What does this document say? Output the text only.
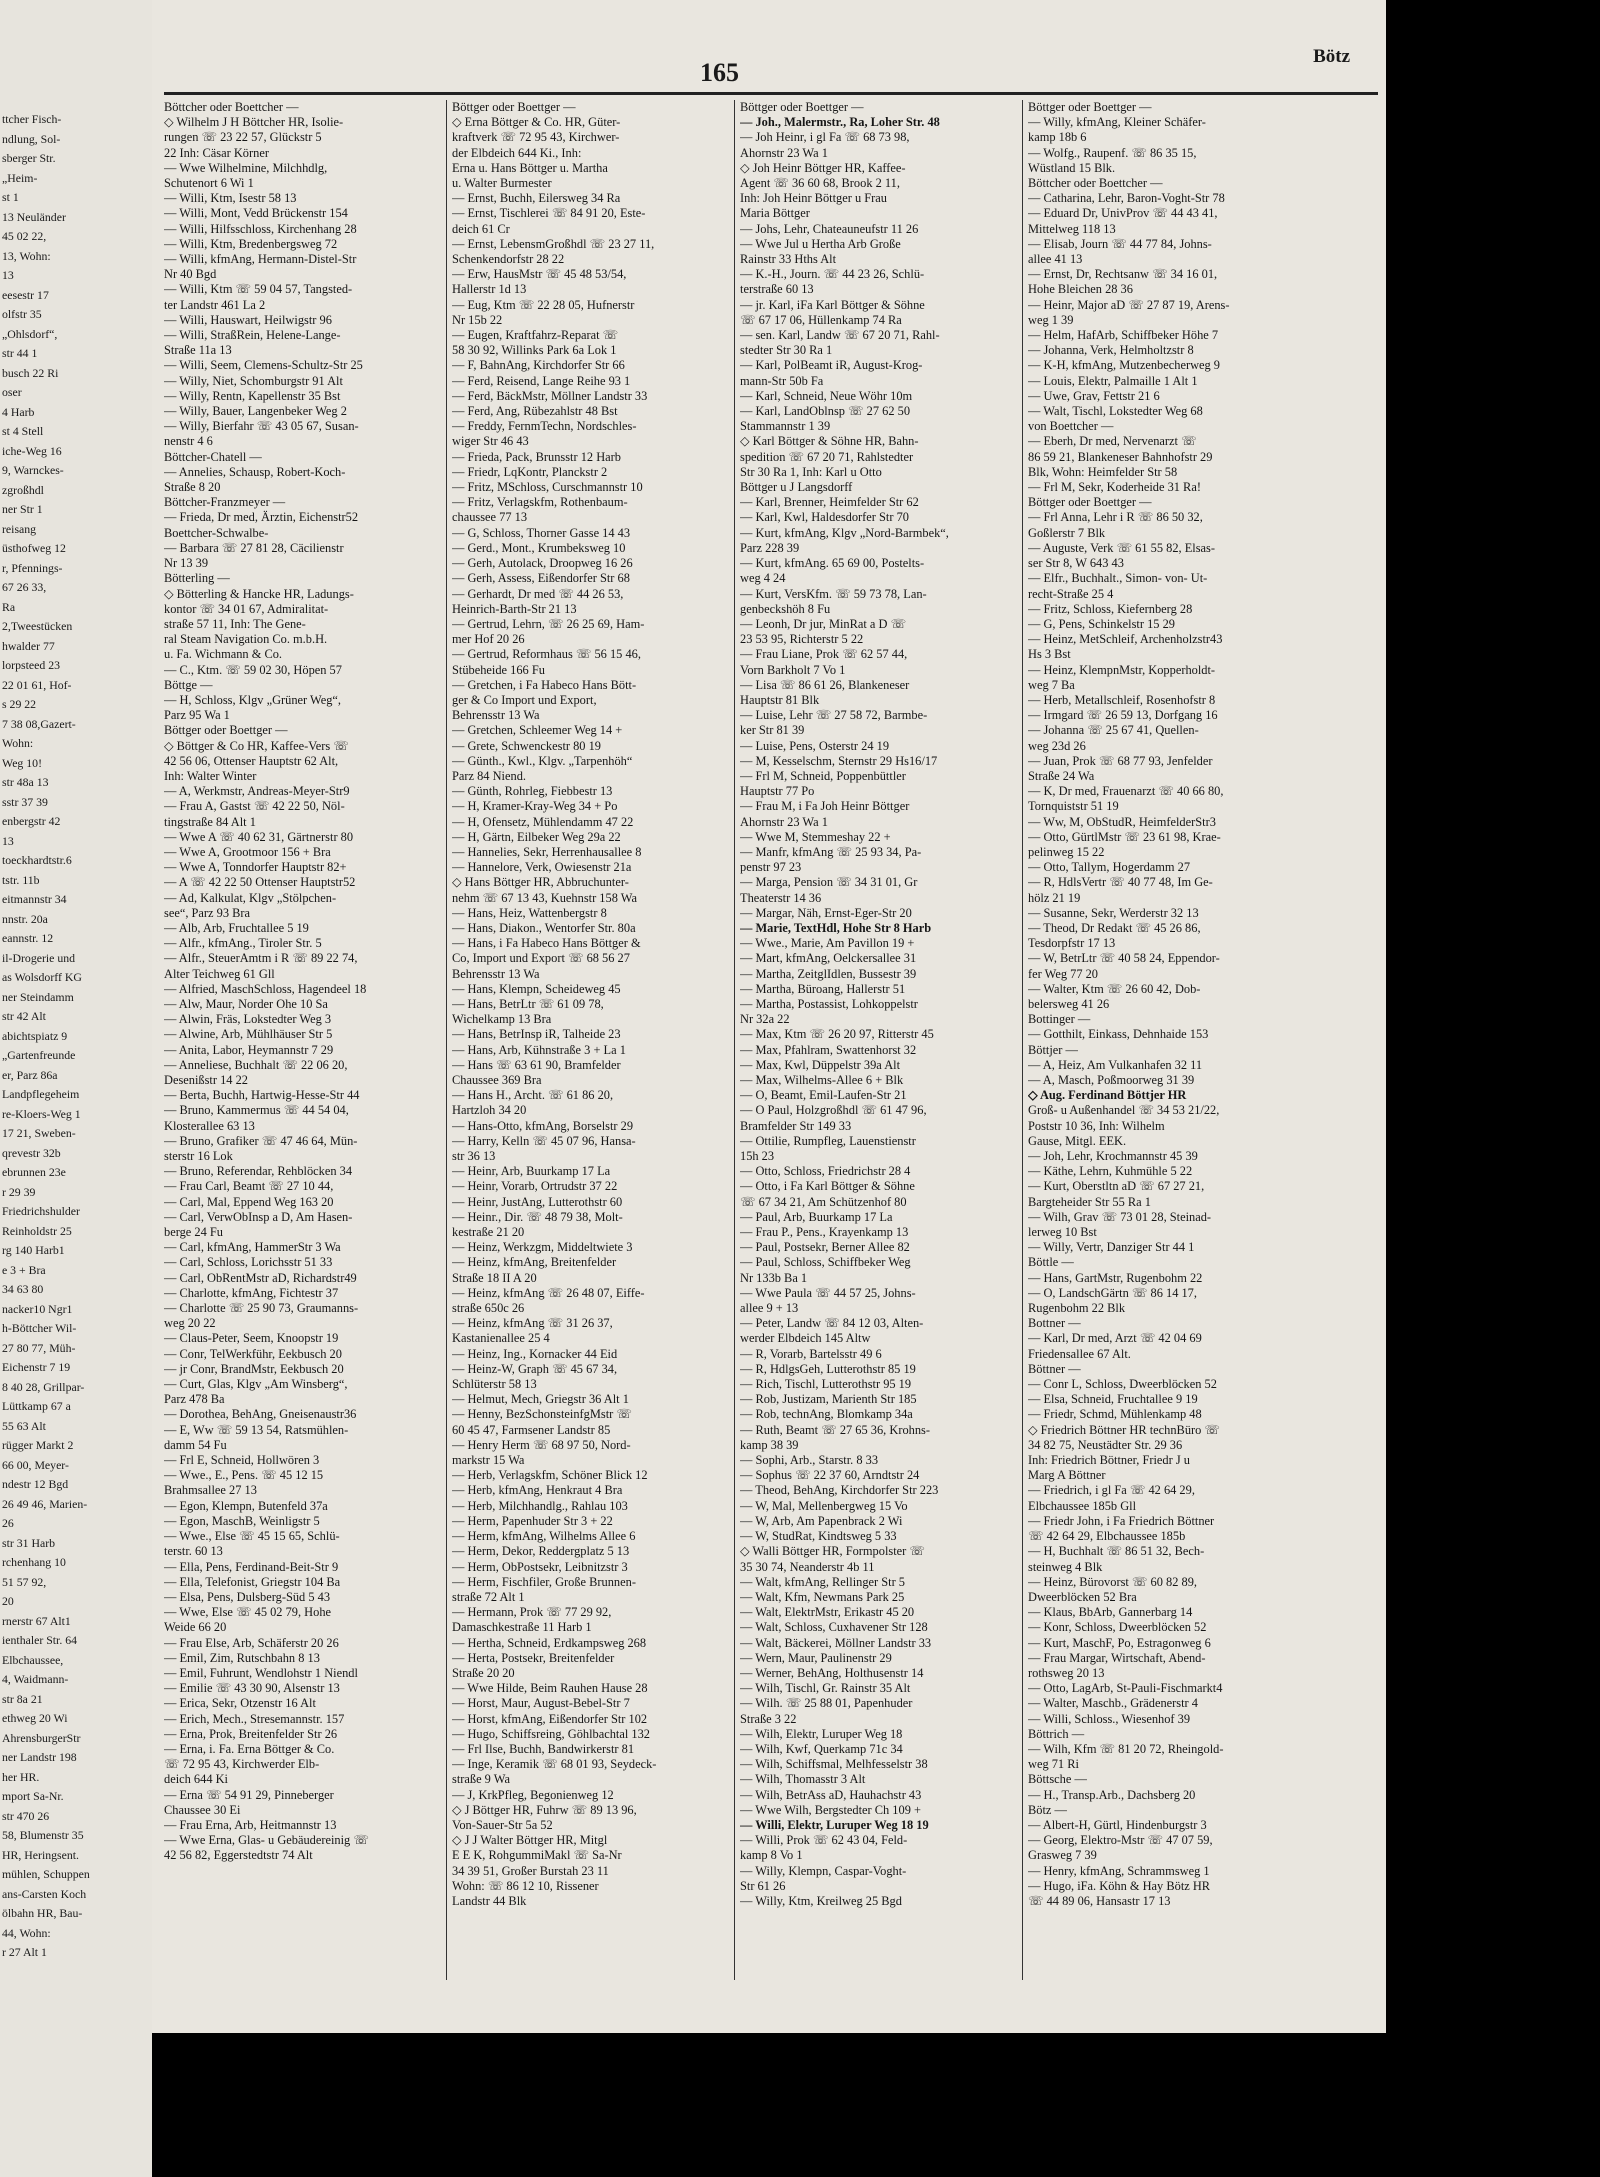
ttcher Fisch-
ndlung, Sol-
sberger Str.
„Heim-
st 1
13 Neuländer
45 02 22,
13, Wohn:
13
eesestr 17
olfstr 35
„Ohlsdorf“,
str 44 1
busch 22 Ri
oser
4 Harb
st 4 Stell
iche-Weg 16
9, Warnckes-
zgroßhdl
ner Str 1
reisang
üsthofweg 12
r, Pfennings-
67 26 33,
Ra
2,Tweestücken
hwalder 77
lorpsteed 23
22 01 61, Hof-
s 29 22
7 38 08,Gazert-
Wohn:
Weg 10!
str 48a 13
sstr 37 39
enbergstr 42
13
toeckhardtstr.6
tstr. 11b
eitmannstr 34
nnstr. 20a
eannstr. 12
il-Drogerie und
as Wolsdorff KG
ner Steindamm
str 42 Alt
abichtspiatz 9
„Gartenfreunde
er, Parz 86a
Landpflegeheim
re-Kloers-Weg 1
17 21, Sweben-
qrevestr 32b
ebrunnen 23e
r 29 39
Friedrichshulder
Reinholdstr 25
rg 140 Harb1
e 3 + Bra
34 63 80
nacker10 Ngr1
h-Böttcher Wil-
27 80 77, Müh-
Eichenstr 7 19
8 40 28, Grillpar-
Lüttkamp 67 a
55 63 Alt
rügger Markt 2
66 00, Meyer-
ndestr 12 Bgd
26 49 46, Marien-
26
str 31 Harb
rchenhang 10
51 57 92,
20
rnerstr 67 Alt1
ienthaler Str. 64
Elbchaussee,
4, Waidmann-
str 8a 21
ethweg 20 Wi
AhrensburgerStr
ner Landstr 198
her HR.
mport Sa-Nr.
str 470 26
58, Blumenstr 35
HR, Heringsent.
mühlen, Schuppen
ans-Carsten Koch
ölbahn HR, Bau-
44, Wohn:
r 27 Alt 1
165
Bötz
Böttcher oder Boettcher —
◇ Wilhelm J H Böttcher HR, Isolie-
rungen ☏ 23 22 57, Glückstr 5
22 Inh: Cäsar Körner
— Wwe Wilhelmine, Milchhdlg,
Schutenort 6 Wi 1
— Willi, Ktm, Isestr 58 13
— Willi, Mont, Vedd Brückenstr 154
— Willi, Hilfsschloss, Kirchenhang 28
— Willi, Ktm, Bredenbergsweg 72
— Willi, kfmAng, Hermann-Distel-Str
Nr 40 Bgd
— Willi, Ktm ☏ 59 04 57, Tangsted-
ter Landstr 461 La 2
— Willi, Hauswart, Heilwigstr 96
— Willi, StraßRein, Helene-Lange-
Straße 11a 13
— Willi, Seem, Clemens-Schultz-Str 25
— Willy, Niet, Schomburgstr 91 Alt
— Willy, Rentn, Kapellenstr 35 Bst
— Willy, Bauer, Langenbeker Weg 2
— Willy, Bierfahr ☏ 43 05 67, Susan-
nenstr 4 6
Böttcher-Chatell —
— Annelies, Schausp, Robert-Koch-
Straße 8 20
Böttcher-Franzmeyer —
— Frieda, Dr med, Ärztin, Eichenstr52
Boettcher-Schwalbe-
— Barbara ☏ 27 81 28, Cäcilienstr
Nr 13 39
Bötterling —
◇ Bötterling & Hancke HR, Ladungs-
kontor ☏ 34 01 67, Admiralitat-
straße 57 11, Inh: The Gene-
ral Steam Navigation Co. m.b.H.
u. Fa. Wichmann & Co.
— C., Ktm. ☏ 59 02 30, Höpen 57
Böttge —
— H, Schloss, Klgv „Grüner Weg“,
Parz 95 Wa 1
Böttger oder Boettger —
◇ Böttger & Co HR, Kaffee-Vers ☏
42 56 06, Ottenser Hauptstr 62 Alt,
Inh: Walter Winter
— A, Werkmstr, Andreas-Meyer-Str9
— Frau A, Gastst ☏ 42 22 50, Nöl-
tingstraße 84 Alt 1
— Wwe A ☏ 40 62 31, Gärtnerstr 80
— Wwe A, Grootmoor 156 + Bra
— Wwe A, Tonndorfer Hauptstr 82+
— A ☏ 42 22 50 Ottenser Hauptstr52
— Ad, Kalkulat, Klgv „Stölpchen-
see“, Parz 93 Bra
— Alb, Arb, Fruchtallee 5 19
— Alfr., kfmAng., Tiroler Str. 5
— Alfr., SteuerAmtm i R ☏ 89 22 74,
Alter Teichweg 61 Gll
— Alfried, MaschSchloss, Hagendeel 18
— Alw, Maur, Norder Ohe 10 Sa
— Alwin, Fräs, Lokstedter Weg 3
— Alwine, Arb, Mühlhäuser Str 5
— Anita, Labor, Heymannstr 7 29
— Anneliese, Buchhalt ☏ 22 06 20,
Desenißstr 14 22
— Berta, Buchh, Hartwig-Hesse-Str 44
— Bruno, Kammermus ☏ 44 54 04,
Klosterallee 63 13
— Bruno, Grafiker ☏ 47 46 64, Mün-
sterstr 16 Lok
— Bruno, Referendar, Rehblöcken 34
— Frau Carl, Beamt ☏ 27 10 44,
— Carl, Mal, Eppend Weg 163 20
— Carl, VerwObInsp a D, Am Hasen-
berge 24 Fu
— Carl, kfmAng, HammerStr 3 Wa
— Carl, Schloss, Lorichsstr 51 33
— Carl, ObRentMstr aD, Richardstr49
— Charlotte, kfmAng, Fichtestr 37
— Charlotte ☏ 25 90 73, Graumanns-
weg 20 22
— Claus-Peter, Seem, Knoopstr 19
— Conr, TelWerkführ, Eekbusch 20
— jr Conr, BrandMstr, Eekbusch 20
— Curt, Glas, Klgv „Am Winsberg“,
Parz 478 Ba
— Dorothea, BehAng, Gneisenaustr36
— E, Ww ☏ 59 13 54, Ratsmühlen-
damm 54 Fu
— Frl E, Schneid, Hollwören 3
— Wwe., E., Pens. ☏ 45 12 15
Brahmsallee 27 13
— Egon, Klempn, Butenfeld 37a
— Egon, MaschB, Weinligstr 5
— Wwe., Else ☏ 45 15 65, Schlü-
terstr. 60 13
— Ella, Pens, Ferdinand-Beit-Str 9
— Ella, Telefonist, Griegstr 104 Ba
— Elsa, Pens, Dulsberg-Süd 5 43
— Wwe, Else ☏ 45 02 79, Hohe
Weide 66 20
— Frau Else, Arb, Schäferstr 20 26
— Emil, Zim, Rutschbahn 8 13
— Emil, Fuhrunt, Wendlohstr 1 Niendl
— Emilie ☏ 43 30 90, Alsenstr 13
— Erica, Sekr, Otzenstr 16 Alt
— Erich, Mech., Stresemannstr. 157
— Erna, Prok, Breitenfelder Str 26
— Erna, i. Fa. Erna Böttger & Co.
☏ 72 95 43, Kirchwerder Elb-
deich 644 Ki
— Erna ☏ 54 91 29, Pinneberger
Chaussee 30 Ei
— Frau Erna, Arb, Heitmannstr 13
— Wwe Erna, Glas- u Gebäudereinig ☏
42 56 82, Eggerstedtstr 74 Alt
Böttger oder Boettger —
◇ Erna Böttger & Co. HR, Güter-
kraftverk ☏ 72 95 43, Kirchwer-
der Elbdeich 644 Ki., Inh:
Erna u. Hans Böttger u. Martha
u. Walter Burmester
— Ernst, Buchh, Eilersweg 34 Ra
— Ernst, Tischlerei ☏ 84 91 20, Este-
deich 61 Cr
— Ernst, LebensmGroßhdl ☏ 23 27 11,
Schenkendorfstr 28 22
— Erw, HausMstr ☏ 45 48 53/54,
Hallerstr 1d 13
— Eug, Ktm ☏ 22 28 05, Hufnerstr
Nr 15b 22
— Eugen, Kraftfahrz-Reparat ☏
58 30 92, Willinks Park 6a Lok 1
— F, BahnAng, Kirchdorfer Str 66
— Ferd, Reisend, Lange Reihe 93 1
— Ferd, BäckMstr, Möllner Landstr 33
— Ferd, Ang, Rübezahlstr 48 Bst
— Freddy, FernmTechn, Nordschles-
wiger Str 46 43
— Frieda, Pack, Brunsstr 12 Harb
— Friedr, LqKontr, Planckstr 2
— Fritz, MSchloss, Curschmannstr 10
— Fritz, Verlagskfm, Rothenbaum-
chaussee 77 13
— G, Schloss, Thorner Gasse 14 43
— Gerd., Mont., Krumbeksweg 10
— Gerh, Autolack, Droopweg 16 26
— Gerh, Assess, Eißendorfer Str 68
— Gerhardt, Dr med ☏ 44 26 53,
Heinrich-Barth-Str 21 13
— Gertrud, Lehrn, ☏ 26 25 69, Ham-
mer Hof 20 26
— Gertrud, Reformhaus ☏ 56 15 46,
Stübeheide 166 Fu
— Gretchen, i Fa Habeco Hans Bött-
ger & Co Import und Export,
Behrensstr 13 Wa
— Gretchen, Schleemer Weg 14 +
— Grete, Schwenckestr 80 19
— Günth., Kwl., Klgv. „Tarpenhöh“
Parz 84 Niend.
— Günth, Rohrleg, Fiebbestr 13
— H, Kramer-Kray-Weg 34 + Po
— H, Ofensetz, Mühlendamm 47 22
— H, Gärtn, Eilbeker Weg 29a 22
— Hannelies, Sekr, Herrenhausallee 8
— Hannelore, Verk, Owiesenstr 21a
◇ Hans Böttger HR, Abbruchunter-
nehm ☏ 67 13 43, Kuehnstr 158 Wa
— Hans, Heiz, Wattenbergstr 8
— Hans, Diakon., Wentorfer Str. 80a
— Hans, i Fa Habeco Hans Böttger &
Co, Import und Export ☏ 68 56 27
Behrensstr 13 Wa
— Hans, Klempn, Scheideweg 45
— Hans, BetrLtr ☏ 61 09 78,
Wichelkamp 13 Bra
— Hans, BetrInsp iR, Talheide 23
— Hans, Arb, Kühnstraße 3 + La 1
— Hans ☏ 63 61 90, Bramfelder
Chaussee 369 Bra
— Hans H., Archt. ☏ 61 86 20,
Hartzloh 34 20
— Hans-Otto, kfmAng, Borselstr 29
— Harry, Kelln ☏ 45 07 96, Hansa-
str 36 13
— Heinr, Arb, Buurkamp 17 La
— Heinr, Vorarb, Ortrudstr 37 22
— Heinr, JustAng, Lutterothstr 60
— Heinr., Dir. ☏ 48 79 38, Molt-
kestraße 21 20
— Heinz, Werkzgm, Middeltwiete 3
— Heinz, kfmAng, Breitenfelder
Straße 18 II A 20
— Heinz, kfmAng ☏ 26 48 07, Eiffe-
straße 650c 26
— Heinz, kfmAng ☏ 31 26 37,
Kastanienallee 25 4
— Heinz, Ing., Kornacker 44 Eid
— Heinz-W, Graph ☏ 45 67 34,
Schlüterstr 58 13
— Helmut, Mech, Griegstr 36 Alt 1
— Henny, BezSchonsteinfgMstr ☏
60 45 47, Farmsener Landstr 85
— Henry Herm ☏ 68 97 50, Nord-
markstr 15 Wa
— Herb, Verlagskfm, Schöner Blick 12
— Herb, kfmAng, Henkraut 4 Bra
— Herb, Milchhandlg., Rahlau 103
— Herm, Papenhuder Str 3 + 22
— Herm, kfmAng, Wilhelms Allee 6
— Herm, Dekor, Reddergplatz 5 13
— Herm, ObPostsekr, Leibnitzstr 3
— Herm, Fischfiler, Große Brunnen-
straße 72 Alt 1
— Hermann, Prok ☏ 77 29 92,
Damaschkestraße 11 Harb 1
— Hertha, Schneid, Erdkampsweg 268
— Herta, Postsekr, Breitenfelder
Straße 20 20
— Wwe Hilde, Beim Rauhen Hause 28
— Horst, Maur, August-Bebel-Str 7
— Horst, kfmAng, Eißendorfer Str 102
— Hugo, Schiffsreing, Göhlbachtal 132
— Frl Ilse, Buchh, Bandwirkerstr 81
— Inge, Keramik ☏ 68 01 93, Seydeck-
straße 9 Wa
— J, KrkPfleg, Begonienweg 12
◇ J Böttger HR, Fuhrw ☏ 89 13 96,
Von-Sauer-Str 5a 52
◇ J J Walter Böttger HR, Mitgl
E E K, RohgummiMakl ☏ Sa-Nr
34 39 51, Großer Burstah 23 11
Wohn: ☏ 86 12 10, Rissener
Landstr 44 Blk
Böttger oder Boettger —
— Joh., Malermstr., Ra, Loher Str. 48
— Joh Heinr, i gl Fa ☏ 68 73 98,
Ahornstr 23 Wa 1
◇ Joh Heinr Böttger HR, Kaffee-
Agent ☏ 36 60 68, Brook 2 11,
Inh: Joh Heinr Böttger u Frau
Maria Böttger
— Johs, Lehr, Chateauneufstr 11 26
— Wwe Jul u Hertha Arb Große
Rainstr 33 Hths Alt
— K.-H., Journ. ☏ 44 23 26, Schlü-
terstraße 60 13
— jr. Karl, iFa Karl Böttger & Söhne
☏ 67 17 06, Hüllenkamp 74 Ra
— sen. Karl, Landw ☏ 67 20 71, Rahl-
stedter Str 30 Ra 1
— Karl, PolBeamt iR, August-Krog-
mann-Str 50b Fa
— Karl, Schneid, Neue Wöhr 10m
— Karl, LandOblnsp ☏ 27 62 50
Stammannstr 1 39
◇ Karl Böttger & Söhne HR, Bahn-
spedition ☏ 67 20 71, Rahlstedter
Str 30 Ra 1, Inh: Karl u Otto
Böttger u J Langsdorff
— Karl, Brenner, Heimfelder Str 62
— Karl, Kwl, Haldesdorfer Str 70
— Kurt, kfmAng, Klgv „Nord-Barmbek“,
Parz 228 39
— Kurt, kfmAng. 65 69 00, Postelts-
weg 4 24
— Kurt, VersKfm. ☏ 59 73 78, Lan-
genbeckshöh 8 Fu
— Leonh, Dr jur, MinRat a D ☏
23 53 95, Richterstr 5 22
— Frau Liane, Prok ☏ 62 57 44,
Vorn Barkholt 7 Vo 1
— Lisa ☏ 86 61 26, Blankeneser
Hauptstr 81 Blk
— Luise, Lehr ☏ 27 58 72, Barmbe-
ker Str 81 39
— Luise, Pens, Osterstr 24 19
— M, Kesselschm, Sternstr 29 Hs16/17
— Frl M, Schneid, Poppenbüttler
Hauptstr 77 Po
— Frau M, i Fa Joh Heinr Böttger
Ahornstr 23 Wa 1
— Wwe M, Stemmeshay 22 +
— Manfr, kfmAng ☏ 25 93 34, Pa-
penstr 97 23
— Marga, Pension ☏ 34 31 01, Gr
Theaterstr 14 36
— Margar, Näh, Ernst-Eger-Str 20
— Marie, TextHdl, Hohe Str 8 Harb
— Wwe., Marie, Am Pavillon 19 +
— Mart, kfmAng, Oelckersallee 31
— Martha, ZeitglIdlen, Bussestr 39
— Martha, Büroang, Hallerstr 51
— Martha, Postassist, Lohkoppelstr
Nr 32a 22
— Max, Ktm ☏ 26 20 97, Ritterstr 45
— Max, Pfahlram, Swattenhorst 32
— Max, Kwl, Düppelstr 39a Alt
— Max, Wilhelms-Allee 6 + Blk
— O, Beamt, Emil-Laufen-Str 21
— O Paul, Holzgroßhdl ☏ 61 47 96,
Bramfelder Str 149 33
— Ottilie, Rumpfleg, Lauenstienstr
15h 23
— Otto, Schloss, Friedrichstr 28 4
— Otto, i Fa Karl Böttger & Söhne
☏ 67 34 21, Am Schützenhof 80
— Paul, Arb, Buurkamp 17 La
— Frau P., Pens., Krayenkamp 13
— Paul, Postsekr, Berner Allee 82
— Paul, Schloss, Schiffbeker Weg
Nr 133b Ba 1
— Wwe Paula ☏ 44 57 25, Johns-
allee 9 + 13
— Peter, Landw ☏ 84 12 03, Alten-
werder Elbdeich 145 Altw
— R, Vorarb, Bartelsstr 49 6
— R, HdlgsGeh, Lutterothstr 85 19
— Rich, Tischl, Lutterothstr 95 19
— Rob, Justizam, Marienth Str 185
— Rob, technAng, Blomkamp 34a
— Ruth, Beamt ☏ 27 65 36, Krohns-
kamp 38 39
— Sophi, Arb., Starstr. 8 33
— Sophus ☏ 22 37 60, Arndtstr 24
— Theod, BehAng, Kirchdorfer Str 223
— W, Mal, Mellenbergweg 15 Vo
— W, Arb, Am Papenbrack 2 Wi
— W, StudRat, Kindtsweg 5 33
◇ Walli Böttger HR, Formpolster ☏
35 30 74, Neanderstr 4b 11
— Walt, kfmAng, Rellinger Str 5
— Walt, Kfm, Newmans Park 25
— Walt, ElektrMstr, Erikastr 45 20
— Walt, Schloss, Cuxhavener Str 128
— Walt, Bäckerei, Möllner Landstr 33
— Wern, Maur, Paulinenstr 29
— Werner, BehAng, Holthusenstr 14
— Wilh, Tischl, Gr. Rainstr 35 Alt
— Wilh. ☏ 25 88 01, Papenhuder
Straße 3 22
— Wilh, Elektr, Luruper Weg 18
— Wilh, Kwf, Querkamp 71c 34
— Wilh, Schiffsmal, Melhfesselstr 38
— Wilh, Thomasstr 3 Alt
— Wilh, BetrAss aD, Hauhachstr 43
— Wwe Wilh, Bergstedter Ch 109 +
— Willi, Elektr, Luruper Weg 18 19
— Willi, Prok ☏ 62 43 04, Feld-
kamp 8 Vo 1
— Willy, Klempn, Caspar-Voght-
Str 61 26
— Willy, Ktm, Kreilweg 25 Bgd
Böttger oder Boettger —
— Willy, kfmAng, Kleiner Schäfer-
kamp 18b 6
— Wolfg., Raupenf. ☏ 86 35 15,
Wüstland 15 Blk.
Böttcher oder Boettcher —
— Catharina, Lehr, Baron-Voght-Str 78
— Eduard Dr, UnivProv ☏ 44 43 41,
Mittelweg 118 13
— Elisab, Journ ☏ 44 77 84, Johns-
allee 41 13
— Ernst, Dr, Rechtsanw ☏ 34 16 01,
Hohe Bleichen 28 36
— Heinr, Major aD ☏ 27 87 19, Arens-
weg 1 39
— Helm, HafArb, Schiffbeker Höhe 7
— Johanna, Verk, Helmholtzstr 8
— K-H, kfmAng, Mutzenbecherweg 9
— Louis, Elektr, Palmaille 1 Alt 1
— Uwe, Grav, Fettstr 21 6
— Walt, Tischl, Lokstedter Weg 68
von Boettcher —
— Eberh, Dr med, Nervenarzt ☏
86 59 21, Blankeneser Bahnhofstr 29
Blk, Wohn: Heimfelder Str 58
— Frl M, Sekr, Koderheide 31 Ra!
Böttger oder Boettger —
— Frl Anna, Lehr i R ☏ 86 50 32,
Goßlerstr 7 Blk
— Auguste, Verk ☏ 61 55 82, Elsas-
ser Str 8, W 643 43
— Elfr., Buchhalt., Simon- von- Ut-
recht-Straße 25 4
— Fritz, Schloss, Kiefernberg 28
— G, Pens, Schinkelstr 15 29
— Heinz, MetSchleif, Archenholzstr43
Hs 3 Bst
— Heinz, KlempnMstr, Kopperholdt-
weg 7 Ba
— Herb, Metallschleif, Rosenhofstr 8
— Irmgard ☏ 26 59 13, Dorfgang 16
— Johanna ☏ 25 67 41, Quellen-
weg 23d 26
— Juan, Prok ☏ 68 77 93, Jenfelder
Straße 24 Wa
— K, Dr med, Frauenarzt ☏ 40 66 80,
Tornquiststr 51 19
— Ww, M, ObStudR, HeimfelderStr3
— Otto, GürtlMstr ☏ 23 61 98, Krae-
pelinweg 15 22
— Otto, Tallym, Hogerdamm 27
— R, HdlsVertr ☏ 40 77 48, Im Ge-
hölz 21 19
— Susanne, Sekr, Werderstr 32 13
— Theod, Dr Redakt ☏ 45 26 86,
Tesdorpfstr 17 13
— W, BetrLtr ☏ 40 58 24, Eppendor-
fer Weg 77 20
— Walter, Ktm ☏ 26 60 42, Dob-
belersweg 41 26
Bottinger —
— Gotthilt, Einkass, Dehnhaide 153
Böttjer —
— A, Heiz, Am Vulkanhafen 32 11
— A, Masch, Poßmoorweg 31 39
◇ Aug. Ferdinand Böttjer HR
Groß- u Außenhandel ☏ 34 53 21/22,
Poststr 10 36, Inh: Wilhelm
Gause, Mitgl. EEK.
— Joh, Lehr, Krochmannstr 45 39
— Käthe, Lehrn, Kuhmühle 5 22
— Kurt, Oberstltn aD ☏ 67 27 21,
Bargteheider Str 55 Ra 1
— Wilh, Grav ☏ 73 01 28, Steinad-
lerweg 10 Bst
— Willy, Vertr, Danziger Str 44 1
Böttle —
— Hans, GartMstr, Rugenbohm 22
— O, LandschGärtn ☏ 86 14 17,
Rugenbohm 22 Blk
Bottner —
— Karl, Dr med, Arzt ☏ 42 04 69
Friedensallee 67 Alt.
Böttner —
— Conr L, Schloss, Dweerblöcken 52
— Elsa, Schneid, Fruchtallee 9 19
— Friedr, Schmd, Mühlenkamp 48
◇ Friedrich Böttner HR technBüro ☏
34 82 75, Neustädter Str. 29 36
Inh: Friedrich Böttner, Friedr J u
Marg A Böttner
— Friedrich, i gl Fa ☏ 42 64 29,
Elbchaussee 185b Gll
— Friedr John, i Fa Friedrich Böttner
☏ 42 64 29, Elbchaussee 185b
— H, Buchhalt ☏ 86 51 32, Bech-
steinweg 4 Blk
— Heinz, Bürovorst ☏ 60 82 89,
Dweerblöcken 52 Bra
— Klaus, BbArb, Gannerbarg 14
— Konr, Schloss, Dweerblöcken 52
— Kurt, MaschF, Po, Estragonweg 6
— Frau Margar, Wirtschaft, Abend-
rothsweg 20 13
— Otto, LagArb, St-Pauli-Fischmarkt4
— Walter, Maschb., Grädenerstr 4
— Willi, Schloss., Wiesenhof 39
Böttrich —
— Wilh, Kfm ☏ 81 20 72, Rheingold-
weg 71 Ri
Böttsche —
— H., Transp.Arb., Dachsberg 20
Bötz —
— Albert-H, Gürtl, Hindenburgstr 3
— Georg, Elektro-Mstr ☏ 47 07 59,
Grasweg 7 39
— Henry, kfmAng, Schrammsweg 1
— Hugo, iFa. Köhn & Hay Bötz HR
☏ 44 89 06, Hansastr 17 13
